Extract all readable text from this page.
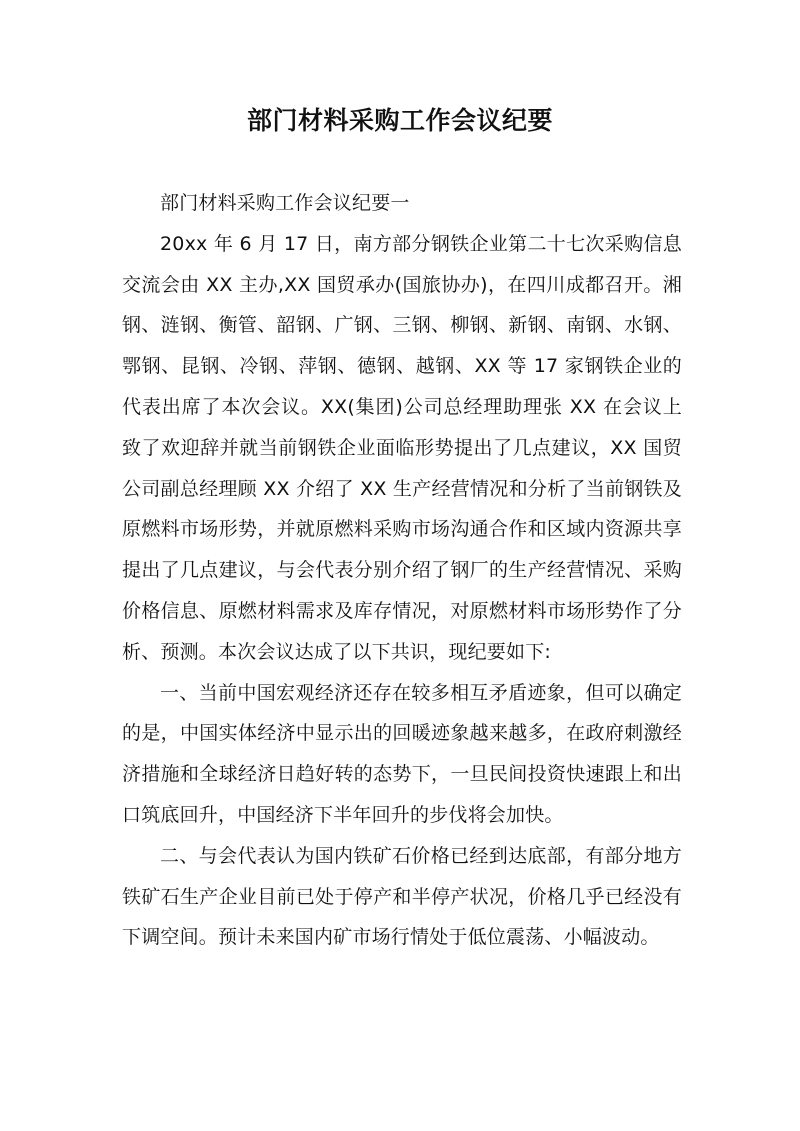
部门材料采购工作会议纪要

部门材料采购工作会议纪要一

20xx 年 6 月 17 日，南方部分钢铁企业第二十七次采购信息交流会由 XX 主办,XX 国贸承办(国旅协办)，在四川成都召开。湘钢、涟钢、衡管、韶钢、广钢、三钢、柳钢、新钢、南钢、水钢、鄂钢、昆钢、冷钢、萍钢、德钢、越钢、XX 等 17 家钢铁企业的代表出席了本次会议。XX(集团)公司总经理助理张 XX 在会议上致了欢迎辞并就当前钢铁企业面临形势提出了几点建议，XX 国贸公司副总经理顾 XX 介绍了 XX 生产经营情况和分析了当前钢铁及原燃料市场形势，并就原燃料采购市场沟通合作和区域内资源共享提出了几点建议，与会代表分别介绍了钢厂的生产经营情况、采购价格信息、原燃材料需求及库存情况，对原燃材料市场形势作了分析、预测。本次会议达成了以下共识，现纪要如下:

一、当前中国宏观经济还存在较多相互矛盾迹象，但可以确定的是，中国实体经济中显示出的回暖迹象越来越多，在政府刺激经济措施和全球经济日趋好转的态势下，一旦民间投资快速跟上和出口筑底回升，中国经济下半年回升的步伐将会加快。

二、与会代表认为国内铁矿石价格已经到达底部，有部分地方铁矿石生产企业目前已处于停产和半停产状况，价格几乎已经没有下调空间。预计未来国内矿市场行情处于低位震荡、小幅波动。
